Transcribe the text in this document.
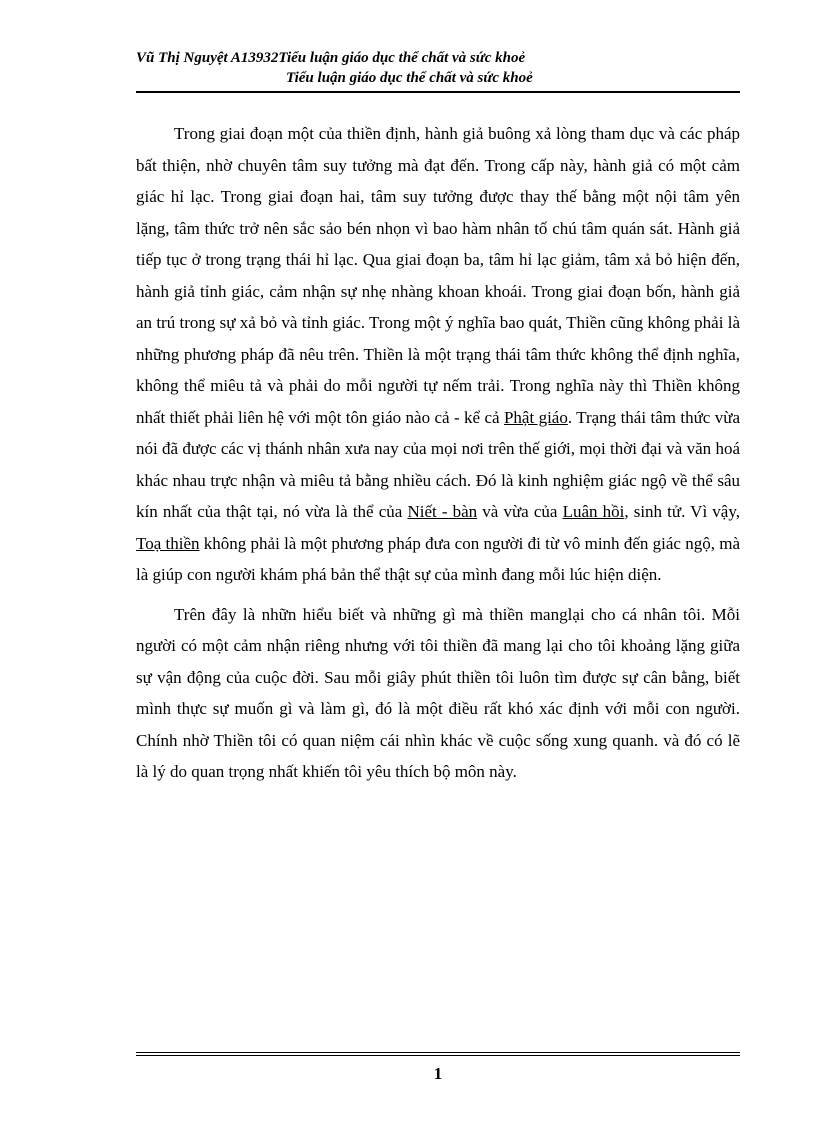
Vũ Thị Nguyệt A13932Tiểu luận giáo dục thể chất và sức khoẻ
Tiểu luận giáo dục thể chất và sức khoẻ

Trong giai đoạn một của thiền định, hành giả buông xả lòng tham dục và các pháp bất thiện, nhờ chuyên tâm suy tưởng mà đạt đến. Trong cấp này, hành giả có một cảm giác hỉ lạc. Trong giai đoạn hai, tâm suy tưởng được thay thế bằng một nội tâm yên lặng, tâm thức trở nên sắc sảo bén nhọn vì bao hàm nhân tố chú tâm quán sát. Hành giả tiếp tục ở trong trạng thái hỉ lạc. Qua giai đoạn ba, tâm hỉ lạc giảm, tâm xả bỏ hiện đến, hành giả tỉnh giác, cảm nhận sự nhẹ nhàng khoan khoái. Trong giai đoạn bốn, hành giả an trú trong sự xả bỏ và tỉnh giác. Trong một ý nghĩa bao quát, Thiền cũng không phải là những phương pháp đã nêu trên. Thiền là một trạng thái tâm thức không thể định nghĩa, không thể miêu tả và phải do mỗi người tự nếm trải. Trong nghĩa này thì Thiền không nhất thiết phải liên hệ với một tôn giáo nào cả - kể cả Phật giáo. Trạng thái tâm thức vừa nói đã được các vị thánh nhân xưa nay của mọi nơi trên thế giới, mọi thời đại và văn hoá khác nhau trực nhận và miêu tả bằng nhiều cách. Đó là kinh nghiệm giác ngộ về thể sâu kín nhất của thật tại, nó vừa là thể của Niết - bàn và vừa của Luân hồi, sinh tử. Vì vậy, Toạ thiền không phải là một phương pháp đưa con người đi từ vô minh đến giác ngộ, mà là giúp con người khám phá bản thể thật sự của mình đang mỗi lúc hiện diện.

Trên đây là nhữn hiểu biết và những gì mà thiền manglại cho cá nhân tôi. Mỗi người có một cảm nhận riêng nhưng với tôi thiền đã mang lại cho tôi khoảng lặng giữa sự vận động của cuộc đời. Sau mỗi giây phút thiền tôi luôn tìm được sự cân bằng, biết mình thực sự muốn gì và làm gì, đó là một điều rất khó xác định với mỗi con người. Chính nhờ Thiền tôi có quan niệm cái nhìn khác về cuộc sống xung quanh. và đó có lẽ là lý do quan trọng nhất khiến tôi yêu thích bộ môn này.

1
